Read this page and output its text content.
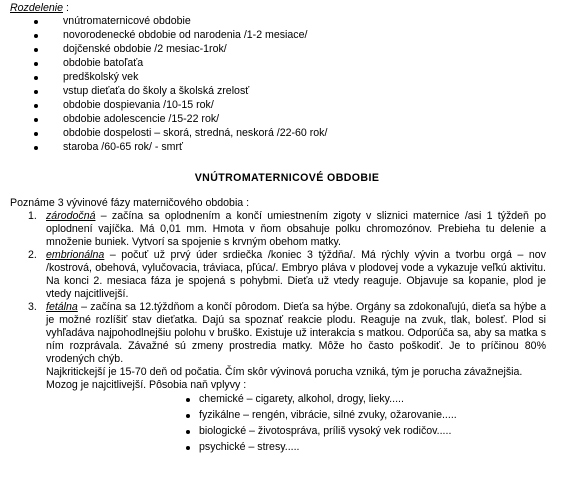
Rozdelenie :
vnútromaternicové obdobie
novorodenecké obdobie od narodenia /1-2 mesiace/
dojčenské obdobie /2 mesiac-1rok/
obdobie batoľaťa
predškolský vek
vstup dieťaťa do školy a školská zrelosť
obdobie dospievania /10-15 rok/
obdobie adolescencie /15-22 rok/
obdobie dospelosti – skorá, stredná, neskorá /22-60 rok/
staroba /60-65 rok/ - smrť
VNÚTROMATERNICOVÉ OBDOBIE
Poznáme 3 vývinové fázy materničového obdobia :
1. zárodočná – začína sa oplodnením a končí umiestnením zigoty v sliznici maternice /asi 1 týždeň po oplodnení vajíčka. Má 0,01 mm. Hmota v ňom obsahuje polku chromozónov. Prebieha tu delenie a množenie buniek. Vytvorí sa spojenie s krvným obehom matky.
2. embrionálna – počuť už prvý úder srdiečka /koniec 3 týždňa/. Má rýchly vývin a tvorbu orgá – nov /kostrová, obehová, vylučovacia, tráviaca, pľúca/. Embryo pláva v plodovej vode a vykazuje veľkú aktivitu. Na konci 2. mesiaca fáza je spojená s pohybmi. Dieťa už vtedy reaguje. Objavuje sa kopanie, plod je vtedy najcitlivejší.
3. fetálna – začína sa 12.týždňom a končí pôrodom. Dieťa sa hýbe. Orgány sa zdokonaľujú, dieťa sa hýbe a je možné rozlíšiť stav dieťatka. Dajú sa spoznať reakcie plodu. Reaguje na zvuk, tlak, bolesť. Plod si vyhľadáva najpohodlnejšiu polohu v bruško. Existuje už interakcia s matkou. Odporúča sa, aby sa matka s ním rozprávala. Závažné sú zmeny prostredia matky. Môže ho často poškodiť. Je to príčinou 80% vrodených chýb.

Najkritickejší je 15-70 deň od počatia. Čím skôr vývinová porucha vzniká, tým je porucha závažnejšia.

Mozog je najcitlivejší. Pôsobia naň vplyvy :

chemické – cigarety, alkohol, drogy, lieky.....
fyzikálne – rengén, vibrácie, silné zvuky, ožarovanie.....
biologické – životospráva, príliš vysoký vek rodičov.....
psychické – stresy.....
